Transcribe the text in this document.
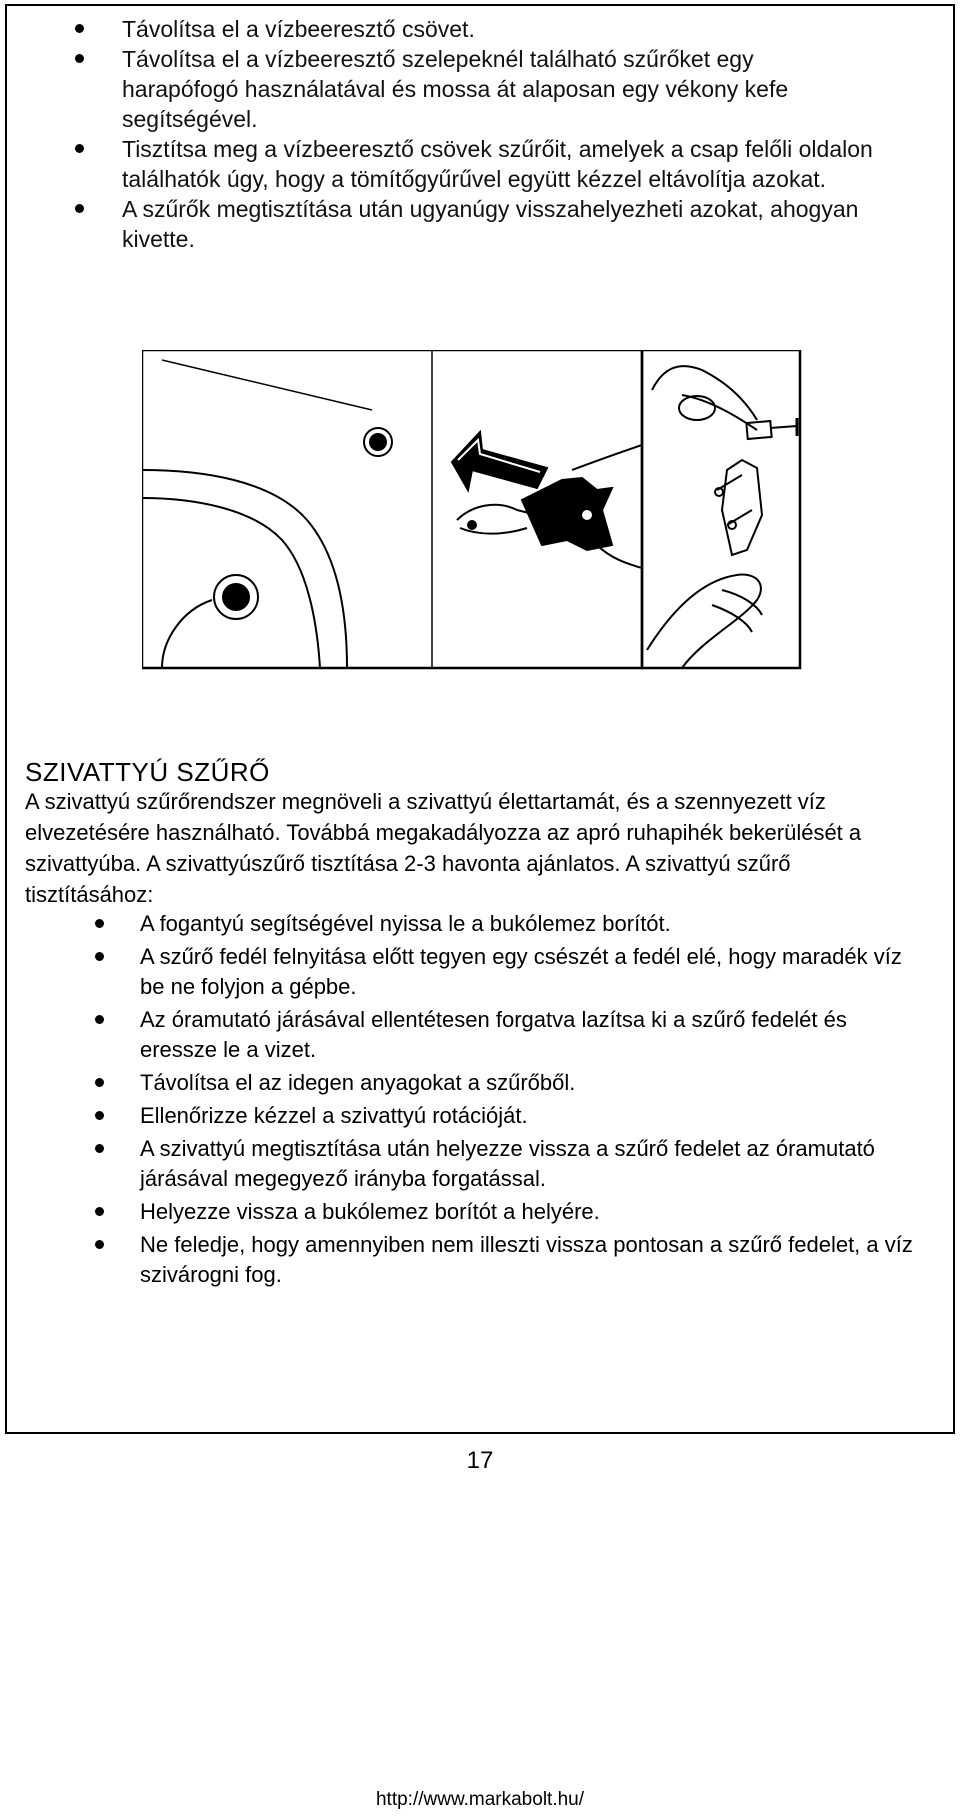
Távolítsa el a vízbeeresztő csövet.
Távolítsa el a vízbeeresztő szelepeknél található szűrőket egy harapófogó használatával és mossa át alaposan egy vékony kefe segítségével.
Tisztítsa meg a vízbeeresztő csövek szűrőit, amelyek a csap felőli oldalon találhatók úgy, hogy a tömítőgyűrűvel együtt kézzel eltávolítja azokat.
A szűrők megtisztítása után ugyanúgy visszahelyezheti azokat, ahogyan kivette.
SZIVATTYÚ SZŰRŐ

A szivattyú szűrőrendszer megnöveli a szivattyú élettartamát, és a szennyezett víz elvezetésére használható. Továbbá megakadályozza az apró ruhapihék bekerülését a szivattyúba. A szivattyúszűrő tisztítása 2-3 havonta ajánlatos. A szivattyú szűrő tisztításához:

A fogantyú segítségével nyissa le a bukólemez borítót.
A szűrő fedél felnyitása előtt tegyen egy csészét a fedél elé, hogy maradék víz be ne folyjon a gépbe.
Az óramutató járásával ellentétesen forgatva lazítsa ki a szűrő fedelét és eressze le a vizet.
Távolítsa el az idegen anyagokat a szűrőből.
Ellenőrizze kézzel a szivattyú rotációját.
A szivattyú megtisztítása után helyezze vissza a szűrő fedelet az óramutató járásával megegyező irányba forgatással.
Helyezze vissza a bukólemez borítót a helyére.
Ne feledje, hogy amennyiben nem illeszti vissza pontosan a szűrő fedelet, a víz szivárogni fog.
17
http://www.markabolt.hu/
